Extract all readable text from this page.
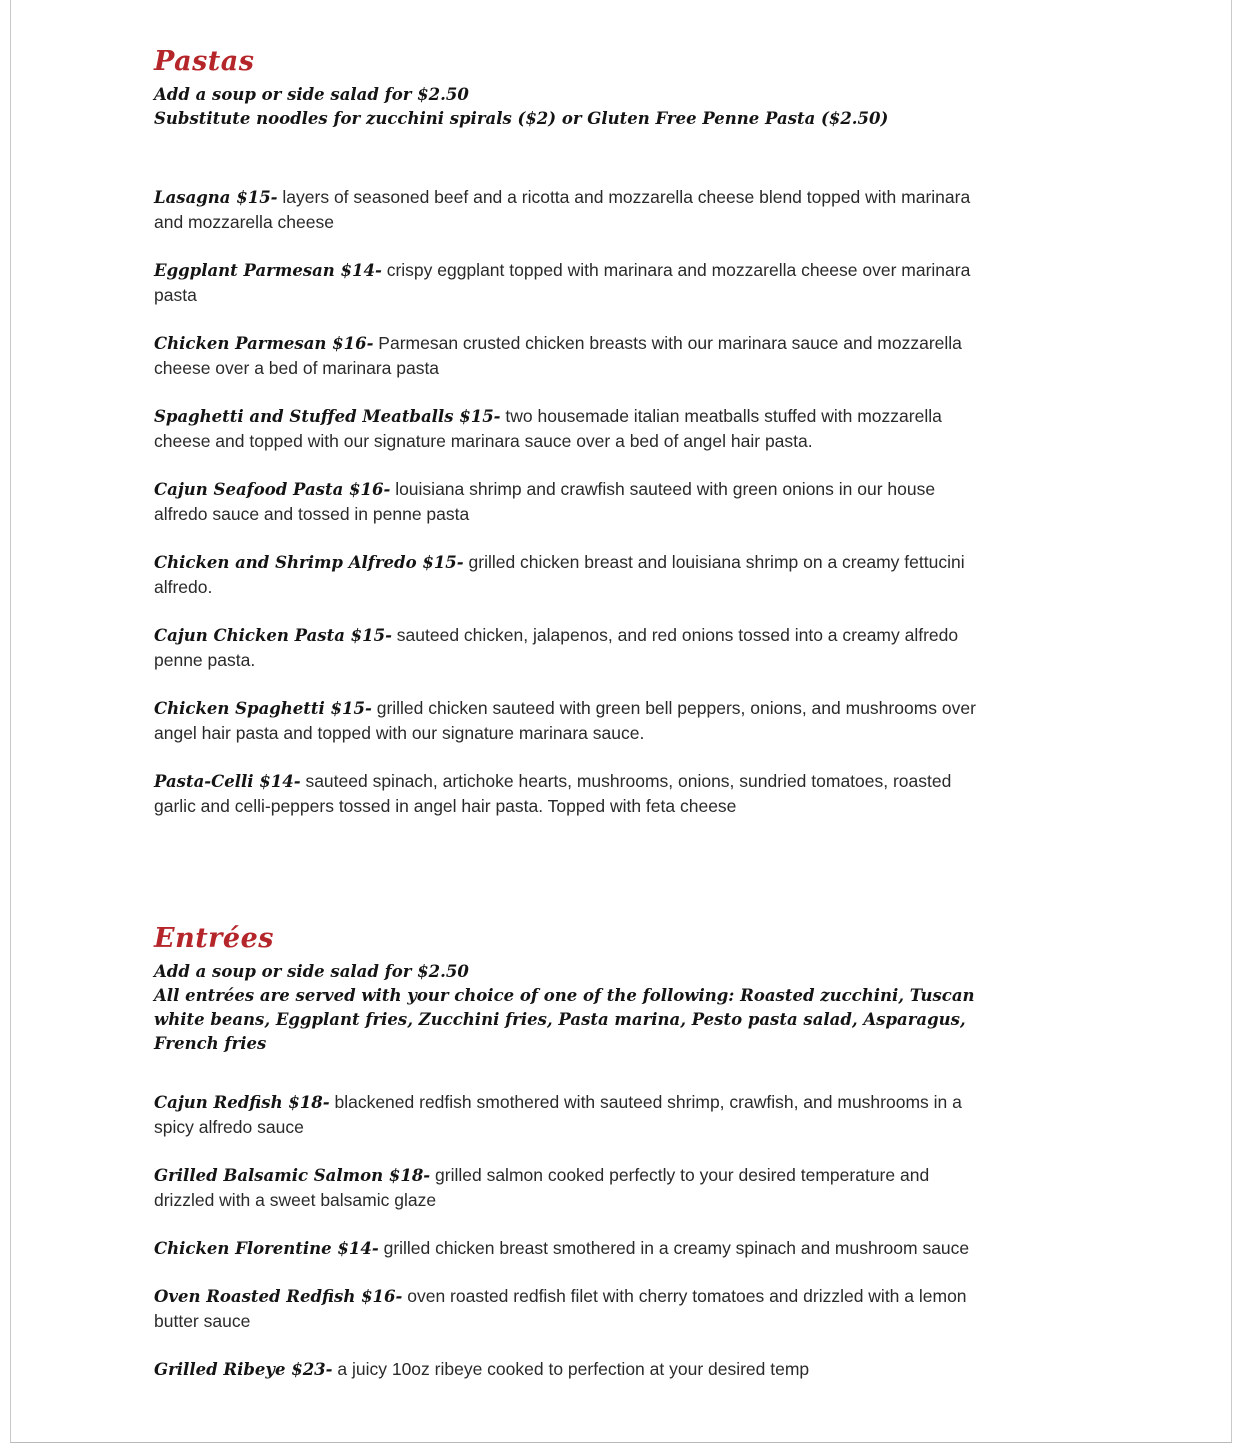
Pastas
Add a soup or side salad for $2.50
Substitute noodles for zucchini spirals ($2) or Gluten Free Penne Pasta ($2.50)
Lasagna $15- layers of seasoned beef and a ricotta and mozzarella cheese blend topped with marinara and mozzarella cheese
Eggplant Parmesan $14- crispy eggplant topped with marinara and mozzarella cheese over marinara pasta
Chicken Parmesan $16- Parmesan crusted chicken breasts with our marinara sauce and mozzarella cheese over a bed of marinara pasta
Spaghetti and Stuffed Meatballs $15- two housemade italian meatballs stuffed with mozzarella cheese and topped with our signature marinara sauce over a bed of angel hair pasta.
Cajun Seafood Pasta $16- louisiana shrimp and crawfish sauteed with green onions in our house alfredo sauce and tossed in penne pasta
Chicken and Shrimp Alfredo $15- grilled chicken breast and louisiana shrimp on a creamy fettucini alfredo.
Cajun Chicken Pasta $15- sauteed chicken, jalapenos, and red onions tossed into a creamy alfredo penne pasta.
Chicken Spaghetti $15- grilled chicken sauteed with green bell peppers, onions, and mushrooms over angel hair pasta and topped with our signature marinara sauce.
Pasta-Celli $14- sauteed spinach, artichoke hearts, mushrooms, onions, sundried tomatoes, roasted garlic and celli-peppers tossed in angel hair pasta. Topped with feta cheese
Entrées
Add a soup or side salad for $2.50
All entrées are served with your choice of one of the following: Roasted zucchini, Tuscan white beans, Eggplant fries, Zucchini fries, Pasta marina, Pesto pasta salad, Asparagus, French fries
Cajun Redfish $18- blackened redfish smothered with sauteed shrimp, crawfish, and mushrooms in a spicy alfredo sauce
Grilled Balsamic Salmon $18- grilled salmon cooked perfectly to your desired temperature and drizzled with a sweet balsamic glaze
Chicken Florentine $14- grilled chicken breast smothered in a creamy spinach and mushroom sauce
Oven Roasted Redfish $16- oven roasted redfish filet with cherry tomatoes and drizzled with a lemon butter sauce
Grilled Ribeye $23- a juicy 10oz ribeye cooked to perfection at your desired temp
